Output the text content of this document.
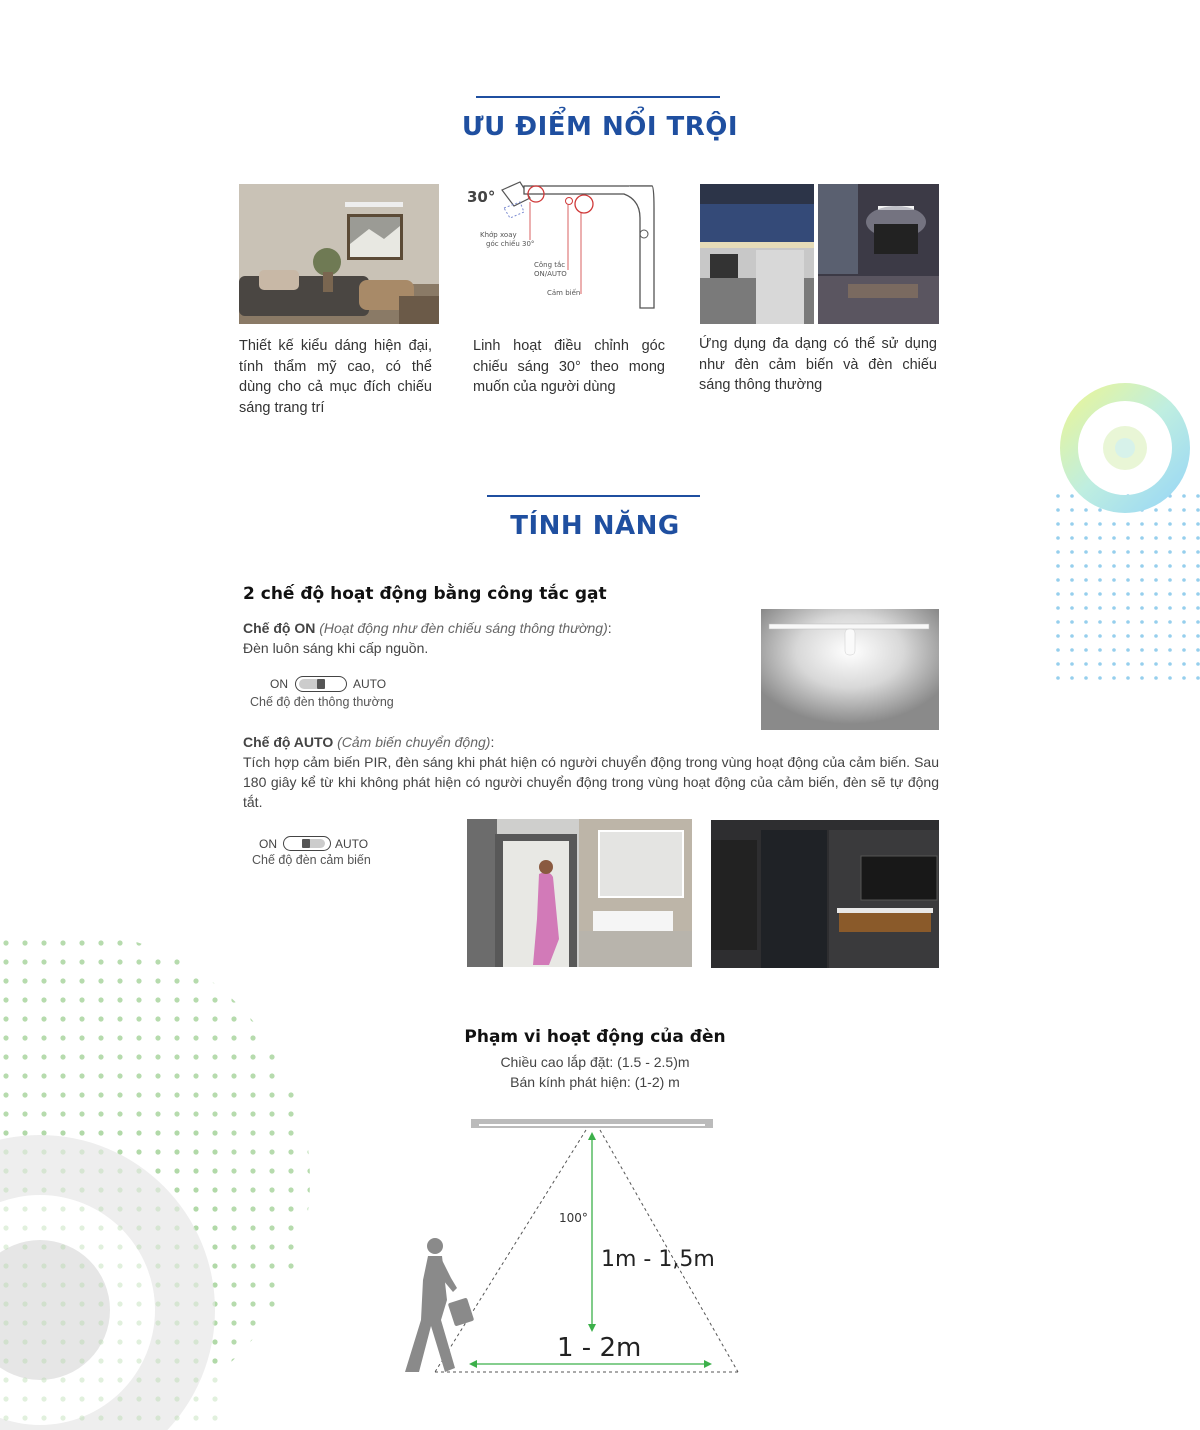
ƯU ĐIỂM NỔI TRỘI
Thiết kế kiểu dáng hiện đại, tính thẩm mỹ cao, có thể dùng cho cả mục đích chiếu sáng trang trí
30°
Khớp xoay
góc chiếu 30°
Công tắc
ON/AUTO
Cảm biến
Linh hoạt điều chỉnh góc chiếu sáng 30° theo mong muốn của người dùng
Ứng dụng đa dạng có thể sử dụng như đèn cảm biến và đèn chiếu sáng thông thường
TÍNH NĂNG
2 chế độ hoạt động bằng công tắc gạt
Chế độ ON (Hoạt động như đèn chiếu sáng thông thường):
Đèn luôn sáng khi cấp nguồn.
ON	AUTO
Chế độ đèn thông thường
Chế độ AUTO (Cảm biến chuyển động):
Tích hợp cảm biến PIR, đèn sáng khi phát hiện có người chuyển động trong vùng hoạt động của cảm biến. Sau 180 giây kể từ khi không phát hiện có người chuyển động trong vùng hoạt động của cảm biến, đèn sẽ tự động tắt.
ON	AUTO
Chế độ đèn cảm biến
Phạm vi hoạt động của đèn
Chiều cao lắp đặt: (1.5 - 2.5)m
Bán kính phát hiện: (1-2) m
100°
1m - 1,5m
1 - 2m
